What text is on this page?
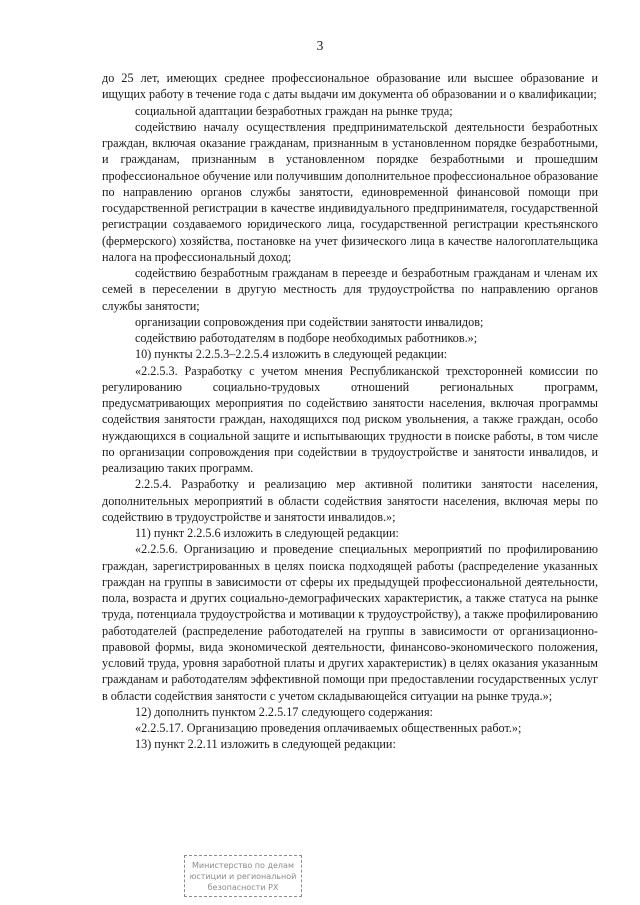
3

до 25 лет, имеющих среднее профессиональное образование или высшее образование и ищущих работу в течение года с даты выдачи им документа об образовании и о квалификации;

социальной адаптации безработных граждан на рынке труда;

содействию началу осуществления предпринимательской деятельности безработных граждан, включая оказание гражданам, признанным в установленном порядке безработными, и гражданам, признанным в установленном порядке безработными и прошедшим профессиональное обучение или получившим дополнительное профессиональное образование по направлению органов службы занятости, единовременной финансовой помощи при государственной регистрации в качестве индивидуального предпринимателя, государственной регистрации создаваемого юридического лица, государственной регистрации крестьянского (фермерского) хозяйства, постановке на учет физического лица в качестве налогоплательщика налога на профессиональный доход;

содействию безработным гражданам в переезде и безработным гражданам и членам их семей в переселении в другую местность для трудоустройства по направлению органов службы занятости;

организации сопровождения при содействии занятости инвалидов;

содействию работодателям в подборе необходимых работников.»;

10) пункты 2.2.5.3–2.2.5.4 изложить в следующей редакции:

«2.2.5.3. Разработку с учетом мнения Республиканской трехсторонней комиссии по регулированию социально-трудовых отношений региональных программ, предусматривающих мероприятия по содействию занятости населения, включая программы содействия занятости граждан, находящихся под риском увольнения, а также граждан, особо нуждающихся в социальной защите и испытывающих трудности в поиске работы, в том числе по организации сопровождения при содействии в трудоустройстве и занятости инвалидов, и реализацию таких программ.

2.2.5.4. Разработку и реализацию мер активной политики занятости населения, дополнительных мероприятий в области содействия занятости населения, включая меры по содействию в трудоустройстве и занятости инвалидов.»;

11) пункт 2.2.5.6 изложить в следующей редакции:

«2.2.5.6. Организацию и проведение специальных мероприятий по профилированию граждан, зарегистрированных в целях поиска подходящей работы (распределение указанных граждан на группы в зависимости от сферы их предыдущей профессиональной деятельности, пола, возраста и других социально-демографических характеристик, а также статуса на рынке труда, потенциала трудоустройства и мотивации к трудоустройству), а также профилированию работодателей (распределение работодателей на группы в зависимости от организационно-правовой формы, вида экономической деятельности, финансово-экономического положения, условий труда, уровня заработной платы и других характеристик) в целях оказания указанным гражданам и работодателям эффективной помощи при предоставлении государственных услуг в области содействия занятости с учетом складывающейся ситуации на рынке труда.»;

12) дополнить пунктом 2.2.5.17 следующего содержания:

«2.2.5.17. Организацию проведения оплачиваемых общественных работ.»;

13) пункт 2.2.11 изложить в следующей редакции:

Министерство по делам
юстиции и региональной
безопасности РХ
